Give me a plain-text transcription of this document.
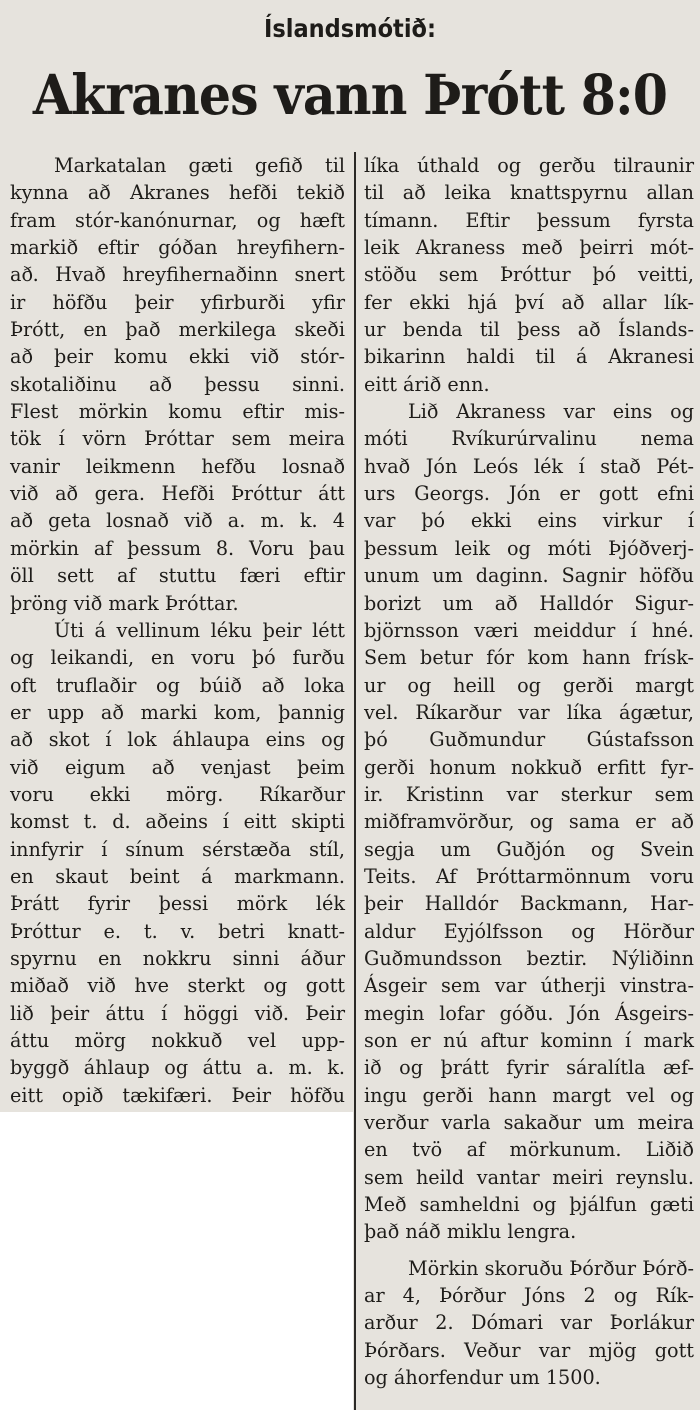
Íslandsmótið:
Akranes vann Þrótt 8:0
Markatalan gæti gefið til
kynna að Akranes hefði tekið
fram stór-kanónurnar, og hæft
markið eftir góðan hreyfihern-
að. Hvað hreyfihernaðinn snert
ir höfðu þeir yfirburði yfir
Þrótt, en það merkilega skeði
að þeir komu ekki við stór-
skotaliðinu að þessu sinni.
Flest mörkin komu eftir mis-
tök í vörn Þróttar sem meira
vanir leikmenn hefðu losnað
við að gera. Hefði Þróttur átt
að geta losnað við a. m. k. 4
mörkin af þessum 8. Voru þau
öll sett af stuttu færi eftir
þröng við mark Þróttar.
Úti á vellinum léku þeir létt
og leikandi, en voru þó furðu
oft truflaðir og búið að loka
er upp að marki kom, þannig
að skot í lok áhlaupa eins og
við eigum að venjast þeim
voru ekki mörg. Ríkarður
komst t. d. aðeins í eitt skipti
innfyrir í sínum sérstæða stíl,
en skaut beint á markmann.
Þrátt fyrir þessi mörk lék
Þróttur e. t. v. betri knatt-
spyrnu en nokkru sinni áður
miðað við hve sterkt og gott
lið þeir áttu í höggi við. Þeir
áttu mörg nokkuð vel upp-
byggð áhlaup og áttu a. m. k.
eitt opið tækifæri. Þeir höfðu
líka úthald og gerðu tilraunir
til að leika knattspyrnu allan
tímann. Eftir þessum fyrsta
leik Akraness með þeirri mót-
stöðu sem Þróttur þó veitti,
fer ekki hjá því að allar lík-
ur benda til þess að Íslands-
bikarinn haldi til á Akranesi
eitt árið enn.
Lið Akraness var eins og
móti Rvíkurúrvalinu nema
hvað Jón Leós lék í stað Pét-
urs Georgs. Jón er gott efni
var þó ekki eins virkur í
þessum leik og móti Þjóðverj-
unum um daginn. Sagnir höfðu
borizt um að Halldór Sigur-
björnsson væri meiddur í hné.
Sem betur fór kom hann frísk-
ur og heill og gerði margt
vel. Ríkarður var líka ágætur,
þó Guðmundur Gústafsson
gerði honum nokkuð erfitt fyr-
ir. Kristinn var sterkur sem
miðframvörður, og sama er að
segja um Guðjón og Svein
Teits. Af Þróttarmönnum voru
þeir Halldór Backmann, Har-
aldur Eyjólfsson og Hörður
Guðmundsson beztir. Nýliðinn
Ásgeir sem var útherji vinstra-
megin lofar góðu. Jón Ásgeirs-
son er nú aftur kominn í mark
ið og þrátt fyrir sáralítla æf-
ingu gerði hann margt vel og
verður varla sakaður um meira
en tvö af mörkunum. Liðið
sem heild vantar meiri reynslu.
Með samheldni og þjálfun gæti
það náð miklu lengra.
Mörkin skoruðu Þórður Þórð-
ar 4, Þórður Jóns 2 og Rík-
arður 2. Dómari var Þorlákur
Þórðars. Veður var mjög gott
og áhorfendur um 1500.
